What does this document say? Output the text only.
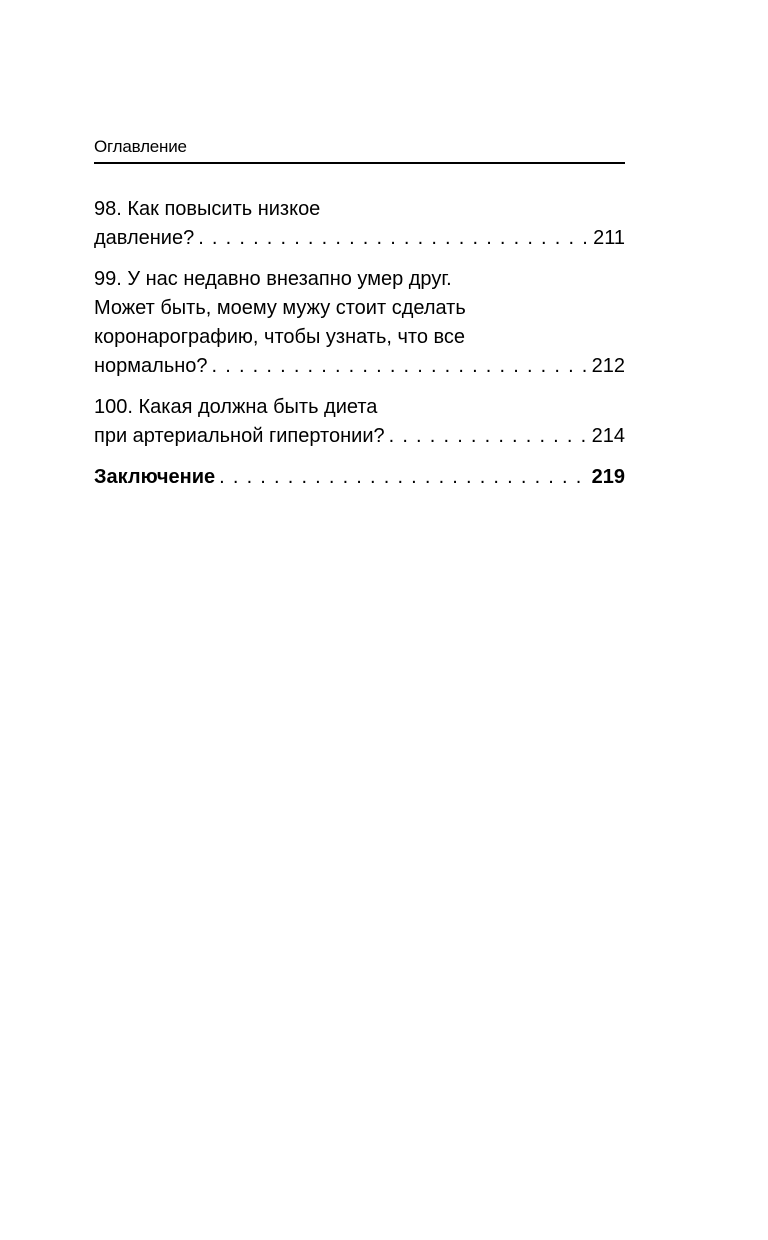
Оглавление
98. Как повысить низкое
давление? . . .	211
99. У нас недавно внезапно умер друг.
Может быть, моему мужу стоит сделать
коронарографию, чтобы узнать, что все
нормально? . . .	212
100. Какая должна быть диета
при артериальной гипертонии? . . .	214
Заключение . . .	219
